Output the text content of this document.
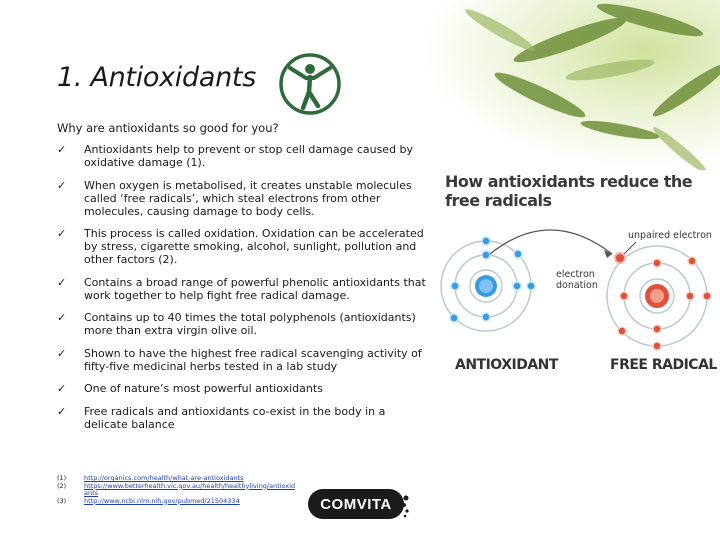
1. Antioxidants
Why are antioxidants so good for you?
✓	Antioxidants help to prevent or stop cell damage caused by oxidative damage (1).
✓	When oxygen is metabolised, it creates unstable molecules called ‘free radicals’, which steal electrons from other molecules, causing damage to body cells.
✓	This process is called oxidation. Oxidation can be accelerated by stress, cigarette smoking, alcohol, sunlight, pollution and other factors (2).
✓	Contains a broad range of powerful phenolic antioxidants that work together to help fight free radical damage.
✓	Contains up to 40 times the total polyphenols (antioxidants) more than extra virgin olive oil.
✓	Shown to have the highest free radical scavenging activity of fifty-five medicinal herbs tested in a lab study
✓	One of nature’s most powerful antioxidants
✓	Free radicals and antioxidants co-exist in the body in a delicate balance
How antioxidants reduce the free radicals
unpaired electron
electron
donation
ANTIOXIDANT	FREE RADICAL
(1)	http://organics.com/health/what-are-antioxidants
(2)	https://www.betterhealth.vic.gov.au/health/healthyliving/antioxidants
(3)	http://www.ncbi.nlm.nih.gov/pubmed/21504334	COMVITA
